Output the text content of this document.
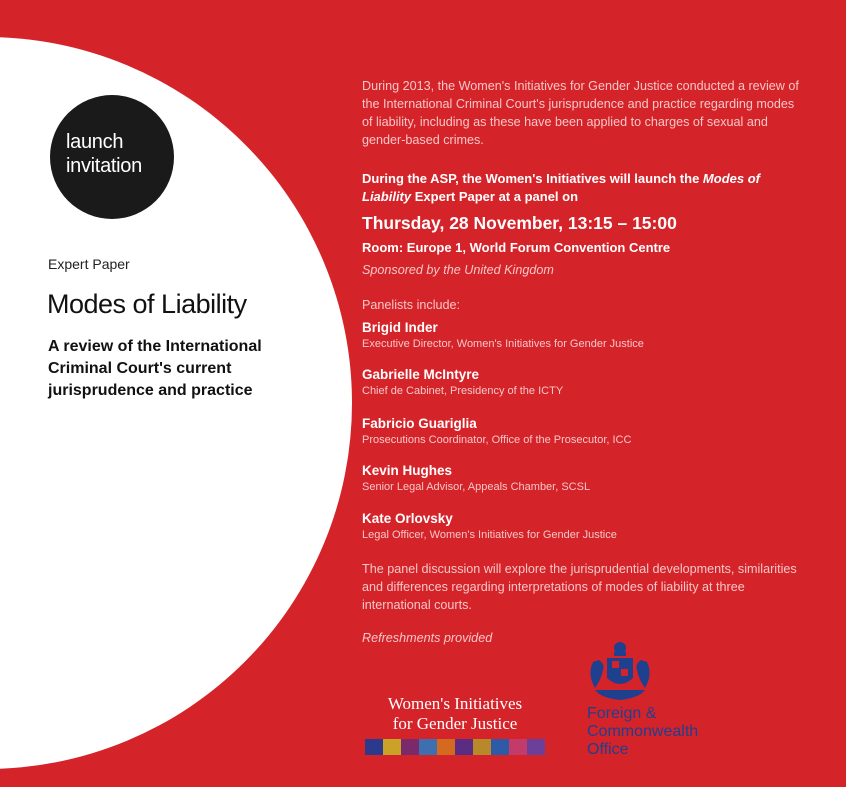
launch
invitation
Expert Paper
Modes of Liability
A review of the International Criminal Court's current jurisprudence and practice
During 2013, the Women's Initiatives for Gender Justice conducted a review of the International Criminal Court's jurisprudence and practice regarding modes of liability, including as these have been applied to charges of sexual and gender-based crimes.
During the ASP, the Women's Initiatives will launch the Modes of Liability Expert Paper at a panel on
Thursday, 28 November, 13:15 – 15:00
Room: Europe 1, World Forum Convention Centre
Sponsored by the United Kingdom
Panelists include:
Brigid Inder
Executive Director, Women's Initiatives for Gender Justice
Gabrielle McIntyre
Chief de Cabinet, Presidency of the ICTY
Fabricio Guariglia
Prosecutions Coordinator, Office of the Prosecutor, ICC
Kevin Hughes
Senior Legal Advisor, Appeals Chamber, SCSL
Kate Orlovsky
Legal Officer, Women's Initiatives for Gender Justice
The panel discussion will explore the jurisprudential developments, similarities and differences regarding interpretations of modes of liability at three international courts.
Refreshments provided
Women's Initiatives
for Gender Justice
Foreign &
Commonwealth
Office
